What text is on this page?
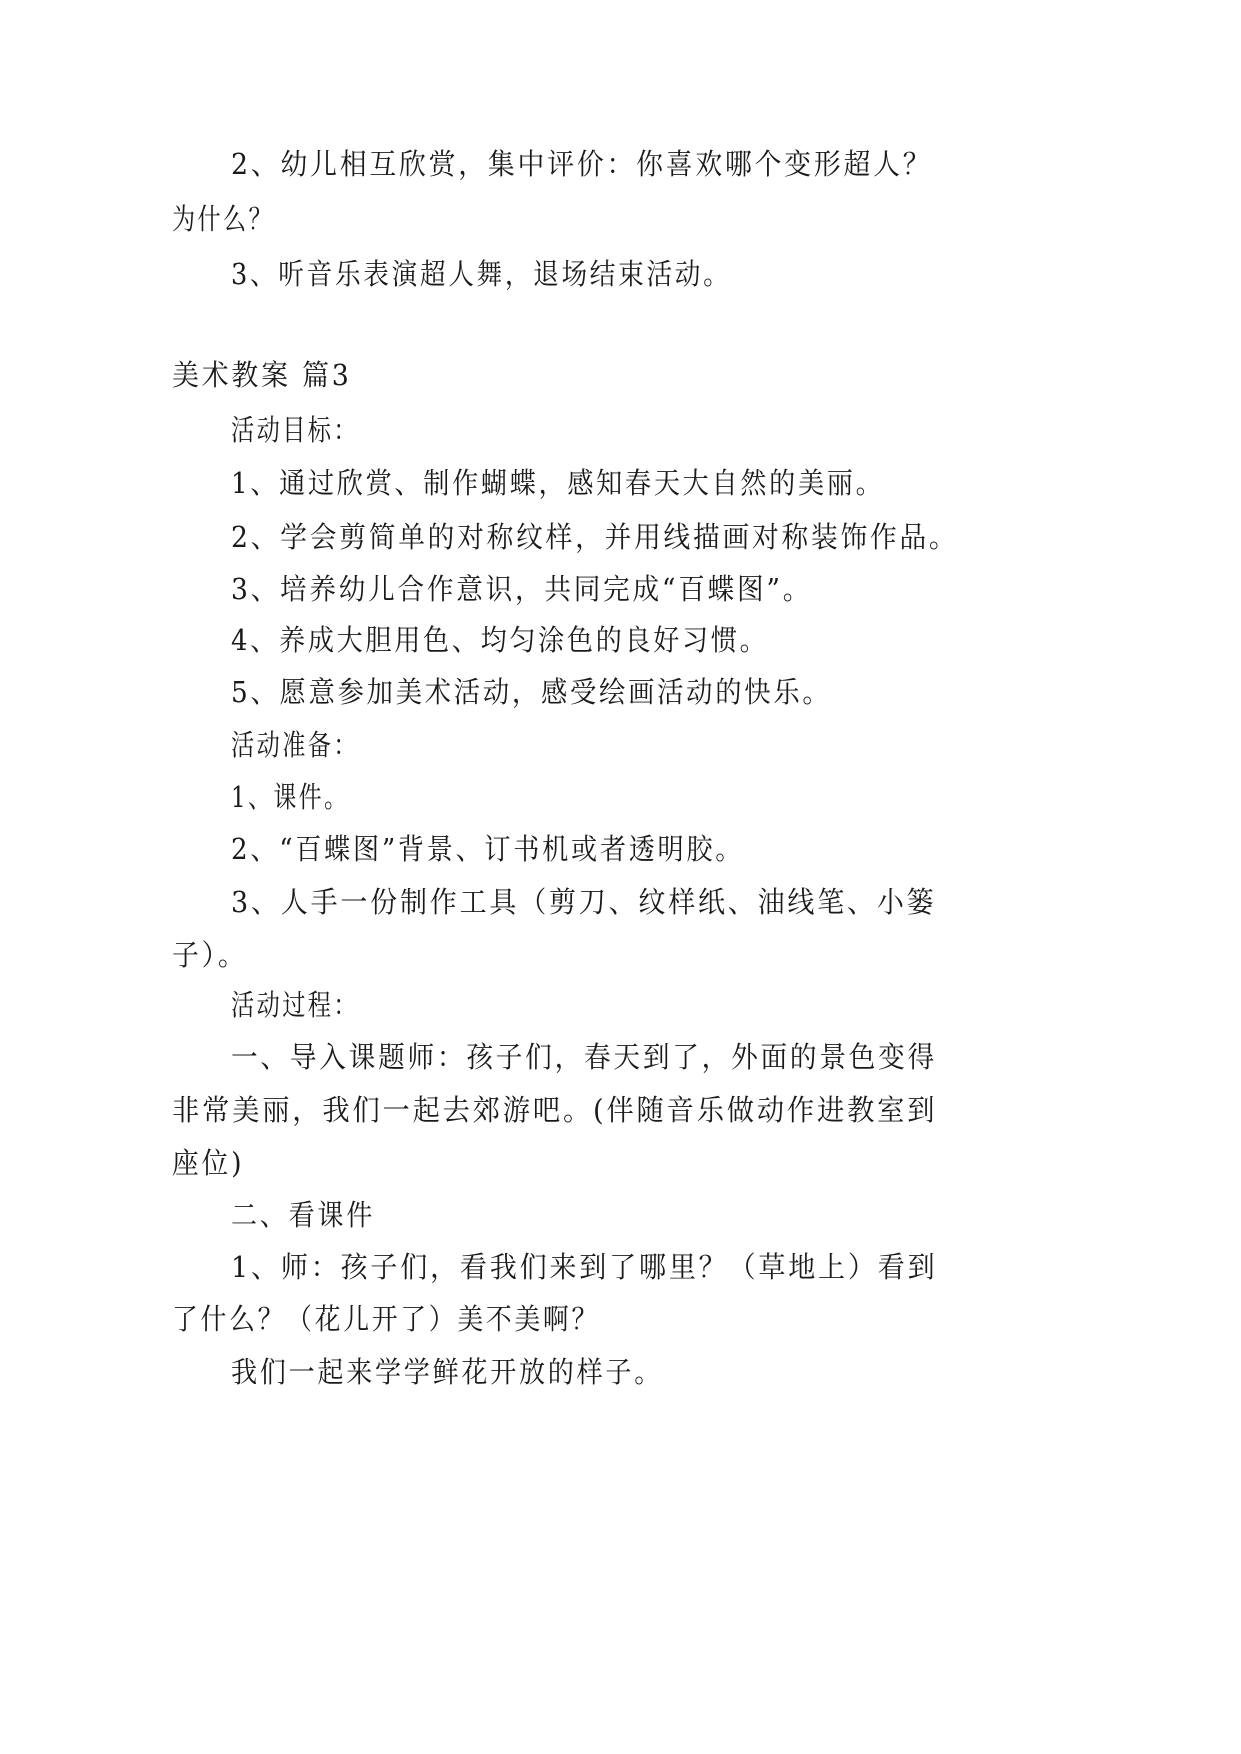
2、幼儿相互欣赏，集中评价：你喜欢哪个变形超人？
为什么？
3、听音乐表演超人舞，退场结束活动。
美术教案 篇3
活动目标：
1、通过欣赏、制作蝴蝶，感知春天大自然的美丽。
2、学会剪简单的对称纹样，并用线描画对称装饰作品。
3、培养幼儿合作意识，共同完成“百蝶图”。
4、养成大胆用色、均匀涂色的良好习惯。
5、愿意参加美术活动，感受绘画活动的快乐。
活动准备：
1、课件。
2、“百蝶图”背景、订书机或者透明胶。
3、人手一份制作工具（剪刀、纹样纸、油线笔、小篓
子）。
活动过程：
一、导入课题师：孩子们，春天到了，外面的景色变得
非常美丽，我们一起去郊游吧。(伴随音乐做动作进教室到
座位)
二、看课件
1、师：孩子们，看我们来到了哪里？（草地上）看到
了什么？（花儿开了）美不美啊？
我们一起来学学鲜花开放的样子。
